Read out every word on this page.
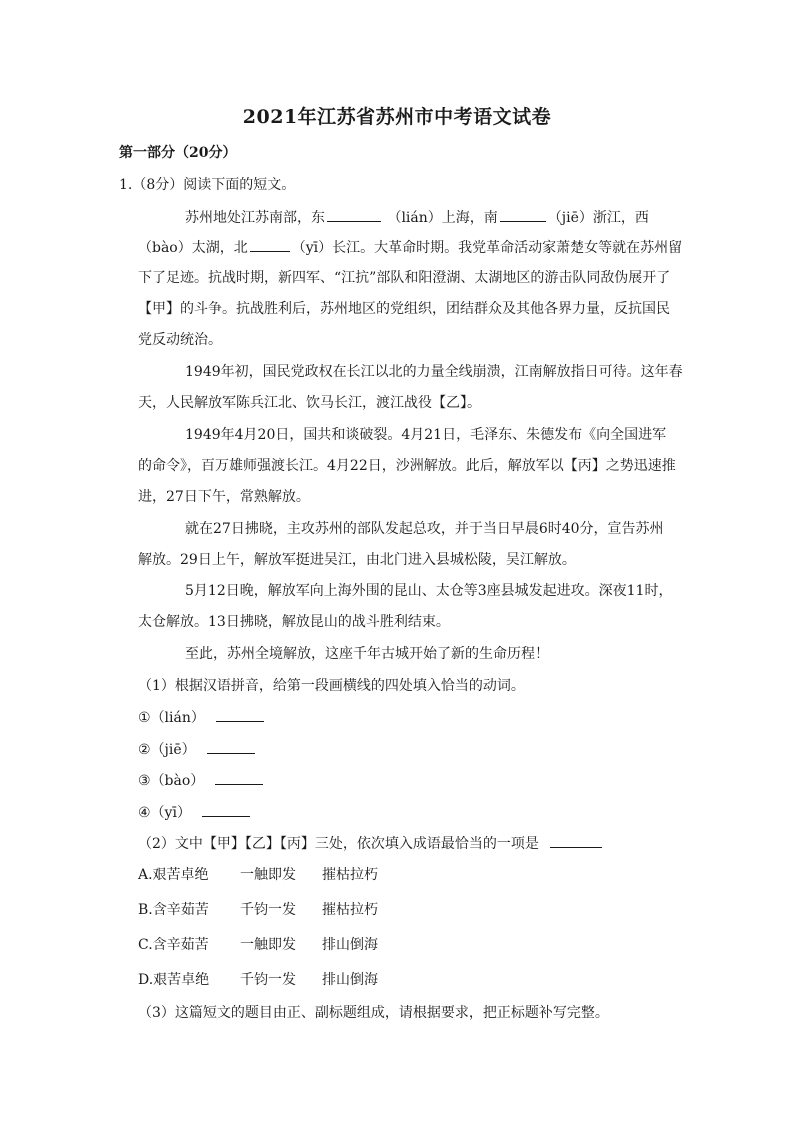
2021年江苏省苏州市中考语文试卷
第一部分（20分）
1.（8分）阅读下面的短文。
苏州地处江苏南部，东	（lián）上海，南	（jiē）浙江，西
（bào）太湖，北	（yī）长江。大革命时期。我党革命活动家萧楚女等就在苏州留
下了足迹。抗战时期，新四军、“江抗”部队和阳澄湖、太湖地区的游击队同敌伪展开了
【甲】的斗争。抗战胜利后，苏州地区的党组织，团结群众及其他各界力量，反抗国民
党反动统治。
1949年初，国民党政权在长江以北的力量全线崩溃，江南解放指日可待。这年春
天，人民解放军陈兵江北、饮马长江，渡江战役【乙】。
1949年4月20日，国共和谈破裂。4月21日，毛泽东、朱德发布《向全国进军
的命令》，百万雄师强渡长江。4月22日，沙洲解放。此后，解放军以【丙】之势迅速推
进，27日下午，常熟解放。
就在27日拂晓，主攻苏州的部队发起总攻，并于当日早晨6时40分，宣告苏州
解放。29日上午，解放军挺进吴江，由北门进入县城松陵，吴江解放。
5月12日晚，解放军向上海外围的昆山、太仓等3座县城发起进攻。深夜11时，
太仓解放。13日拂晓，解放昆山的战斗胜利结束。
至此，苏州全境解放，这座千年古城开始了新的生命历程！
（1）根据汉语拼音，给第一段画横线的四处填入恰当的动词。
①（lián）
②（jiē）
③（bào）
④（yī）
（2）文中【甲】【乙】【丙】三处，依次填入成语最恰当的一项是
A.艰苦卓绝 一触即发 摧枯拉朽
B.含辛茹苦 千钧一发 摧枯拉朽
C.含辛茹苦 一触即发 排山倒海
D.艰苦卓绝 千钧一发 排山倒海
（3）这篇短文的题目由正、副标题组成，请根据要求，把正标题补写完整。
